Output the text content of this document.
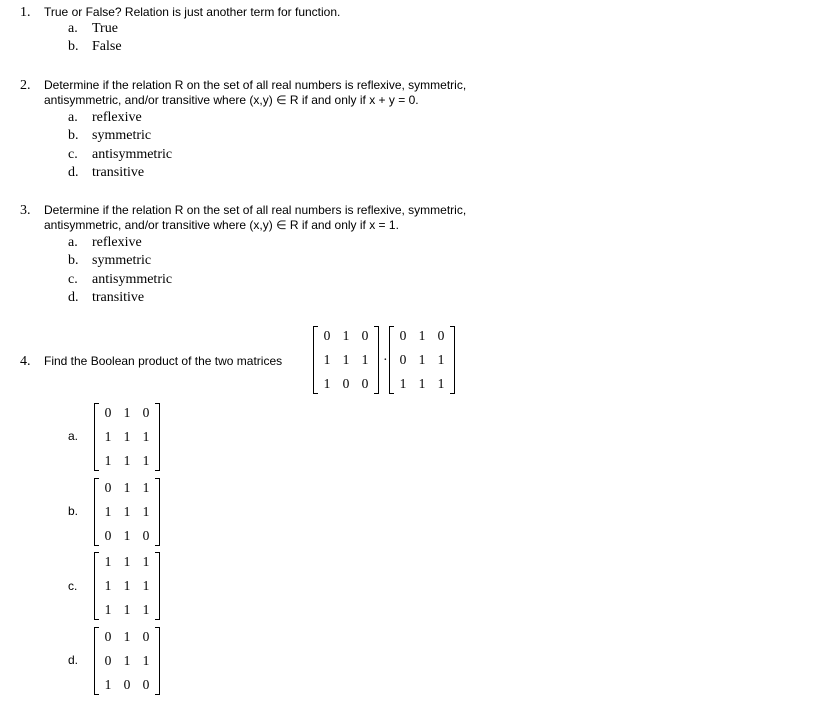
1. True or False? Relation is just another term for function.
a. True
b. False
2. Determine if the relation R on the set of all real numbers is reflexive, symmetric,
antisymmetric, and/or transitive where (x,y) ∈ R if and only if x + y = 0.
a. reflexive
b. symmetric
c. antisymmetric
d. transitive
3. Determine if the relation R on the set of all real numbers is reflexive, symmetric,
antisymmetric, and/or transitive where (x,y) ∈ R if and only if x = 1.
a. reflexive
b. symmetric
c. antisymmetric
d. transitive
4. Find the Boolean product of the two matrices
0 1 0
1 1 1
1 0 0
·
0 1 0
0 1 1
1 1 1
a.
0 1 0
1 1 1
1 1 1
b.
0 1 1
1 1 1
0 1 0
c.
1 1 1
1 1 1
1 1 1
d.
0 1 0
0 1 1
1 0 0
